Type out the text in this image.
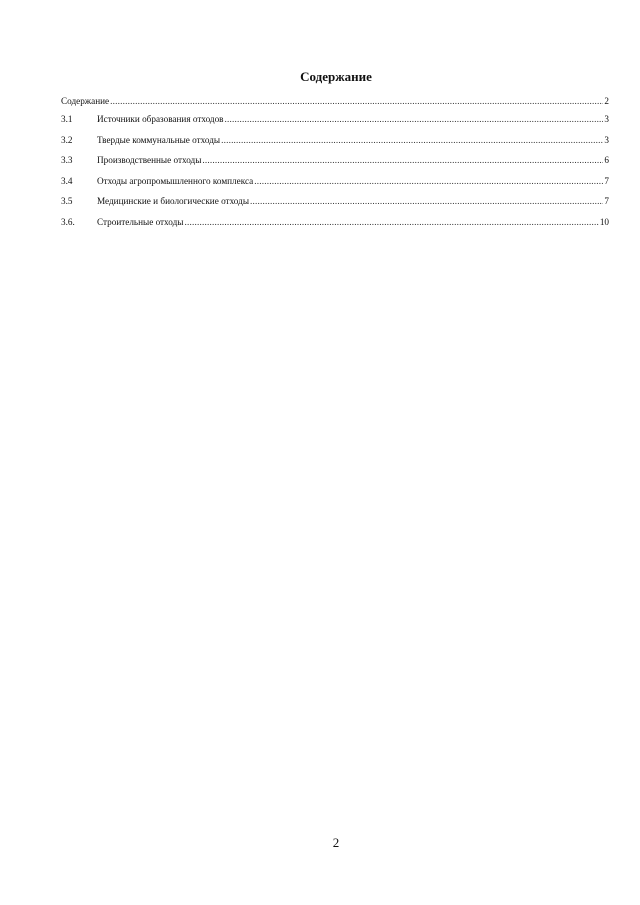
Содержание
Содержание .....	2
3.1	Источники образования отходов .....	3
3.2	Твердые коммунальные отходы .....	3
3.3	Производственные отходы .....	6
3.4	Отходы агропромышленного комплекса .....	7
3.5	Медицинские и биологические отходы .....	7
3.6.	Строительные отходы .....	10
2
